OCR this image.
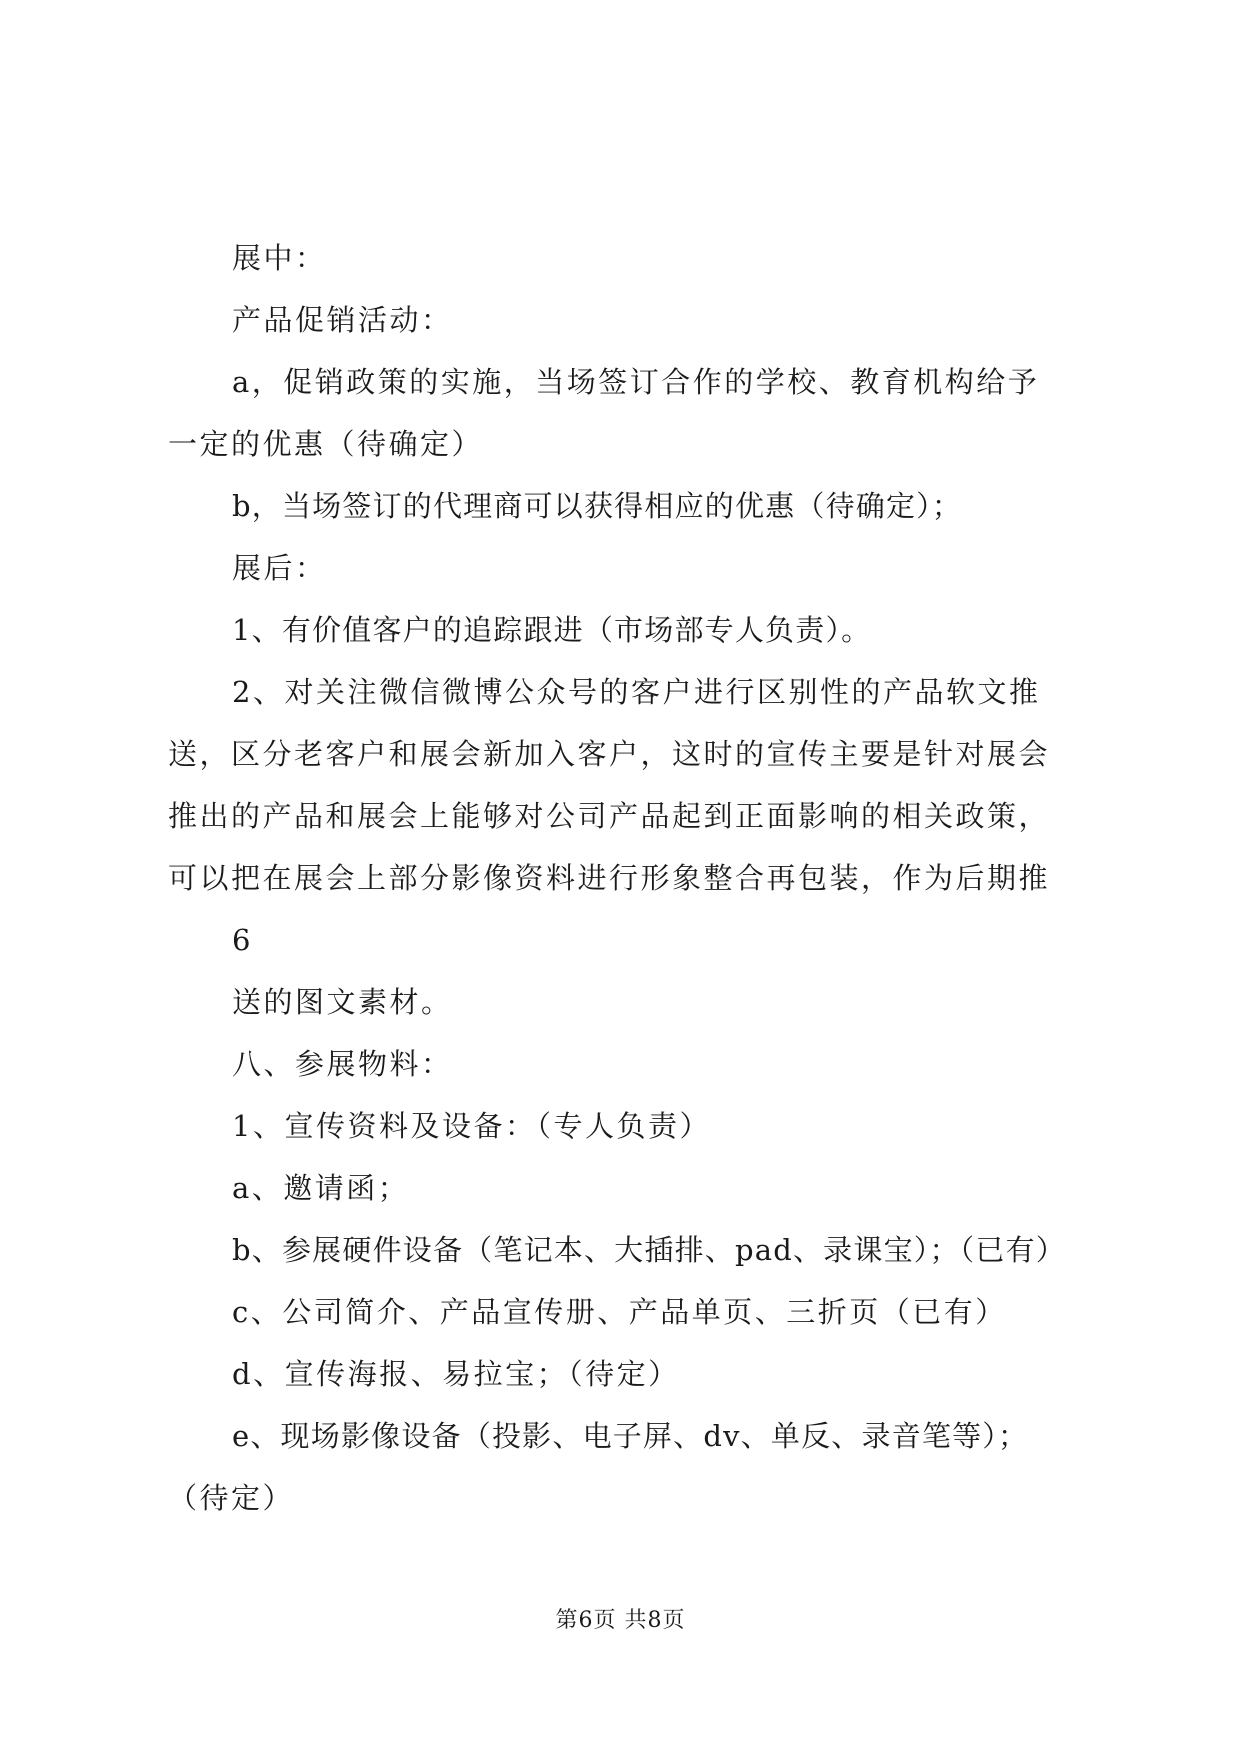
展中：
产品促销活动：
a，促销政策的实施，当场签订合作的学校、教育机构给予
一定的优惠（待确定）
b，当场签订的代理商可以获得相应的优惠（待确定）；
展后：
1、有价值客户的追踪跟进（市场部专人负责）。
2、对关注微信微博公众号的客户进行区别性的产品软文推
送，区分老客户和展会新加入客户，这时的宣传主要是针对展会
推出的产品和展会上能够对公司产品起到正面影响的相关政策，
可以把在展会上部分影像资料进行形象整合再包装，作为后期推
6
送的图文素材。
八、参展物料：
1、宣传资料及设备：（专人负责）
a、邀请函；
b、参展硬件设备（笔记本、大插排、pad、录课宝）；（已有）
c、公司简介、产品宣传册、产品单页、三折页（已有）
d、宣传海报、易拉宝；（待定）
e、现场影像设备（投影、电子屏、dv、单反、录音笔等）；
（待定）
第6页 共8页
